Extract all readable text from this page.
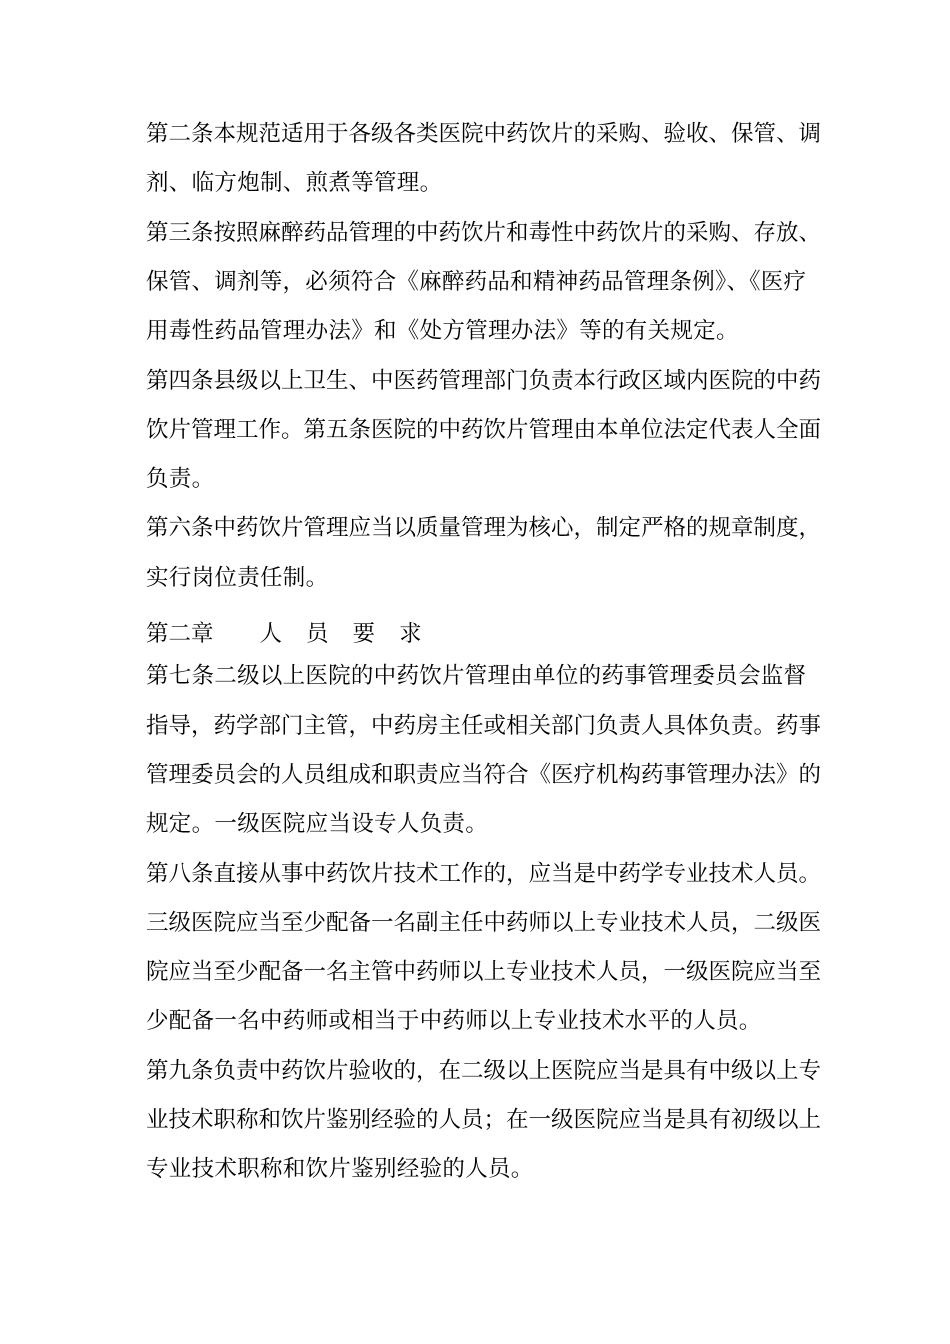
第二条本规范适用于各级各类医院中药饮片的采购、验收、保管、调
剂、临方炮制、煎煮等管理。
第三条按照麻醉药品管理的中药饮片和毒性中药饮片的采购、存放、
保管、调剂等，必须符合《麻醉药品和精神药品管理条例》、《医疗
用毒性药品管理办法》和《处方管理办法》等的有关规定。
第四条县级以上卫生、中医药管理部门负责本行政区域内医院的中药
饮片管理工作。第五条医院的中药饮片管理由本单位法定代表人全面
负责。
第六条中药饮片管理应当以质量管理为核心，制定严格的规章制度，
实行岗位责任制。
第七条二级以上医院的中药饮片管理由单位的药事管理委员会监督
指导，药学部门主管，中药房主任或相关部门负责人具体负责。药事
管理委员会的人员组成和职责应当符合《医疗机构药事管理办法》的
规定。一级医院应当设专人负责。
第八条直接从事中药饮片技术工作的，应当是中药学专业技术人员。
三级医院应当至少配备一名副主任中药师以上专业技术人员，二级医
院应当至少配备一名主管中药师以上专业技术人员，一级医院应当至
少配备一名中药师或相当于中药师以上专业技术水平的人员。
第九条负责中药饮片验收的，在二级以上医院应当是具有中级以上专
业技术职称和饮片鉴别经验的人员；在一级医院应当是具有初级以上
专业技术职称和饮片鉴别经验的人员。
第二章 人 员 要 求
